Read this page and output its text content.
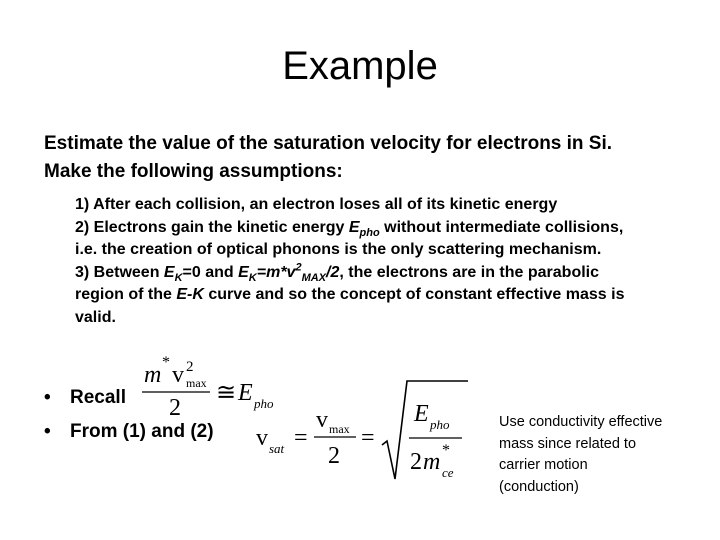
Example
Estimate the value of the saturation velocity for electrons in Si.
Make the following assumptions:

1) After each collision, an electron loses all of its kinetic energy

2) Electrons gain the kinetic energy $E_{pho}$ without intermediate collisions,
i.e. the creation of optical phonons is the only scattering mechanism.

3) Between $E_K=0$ and $E_K=m*v^2_{MAX}/2$, the electrons are in the parabolic
region of the E-K curve and so the concept of constant effective mass is
valid.

•	Recall
•	From (1) and (2)
m * v 2
max
2
≅ E pho
v sat =
v max
2
=
E pho
2 m *
ce
Use conductivity effective
mass since related to
carrier motion
(conduction)
